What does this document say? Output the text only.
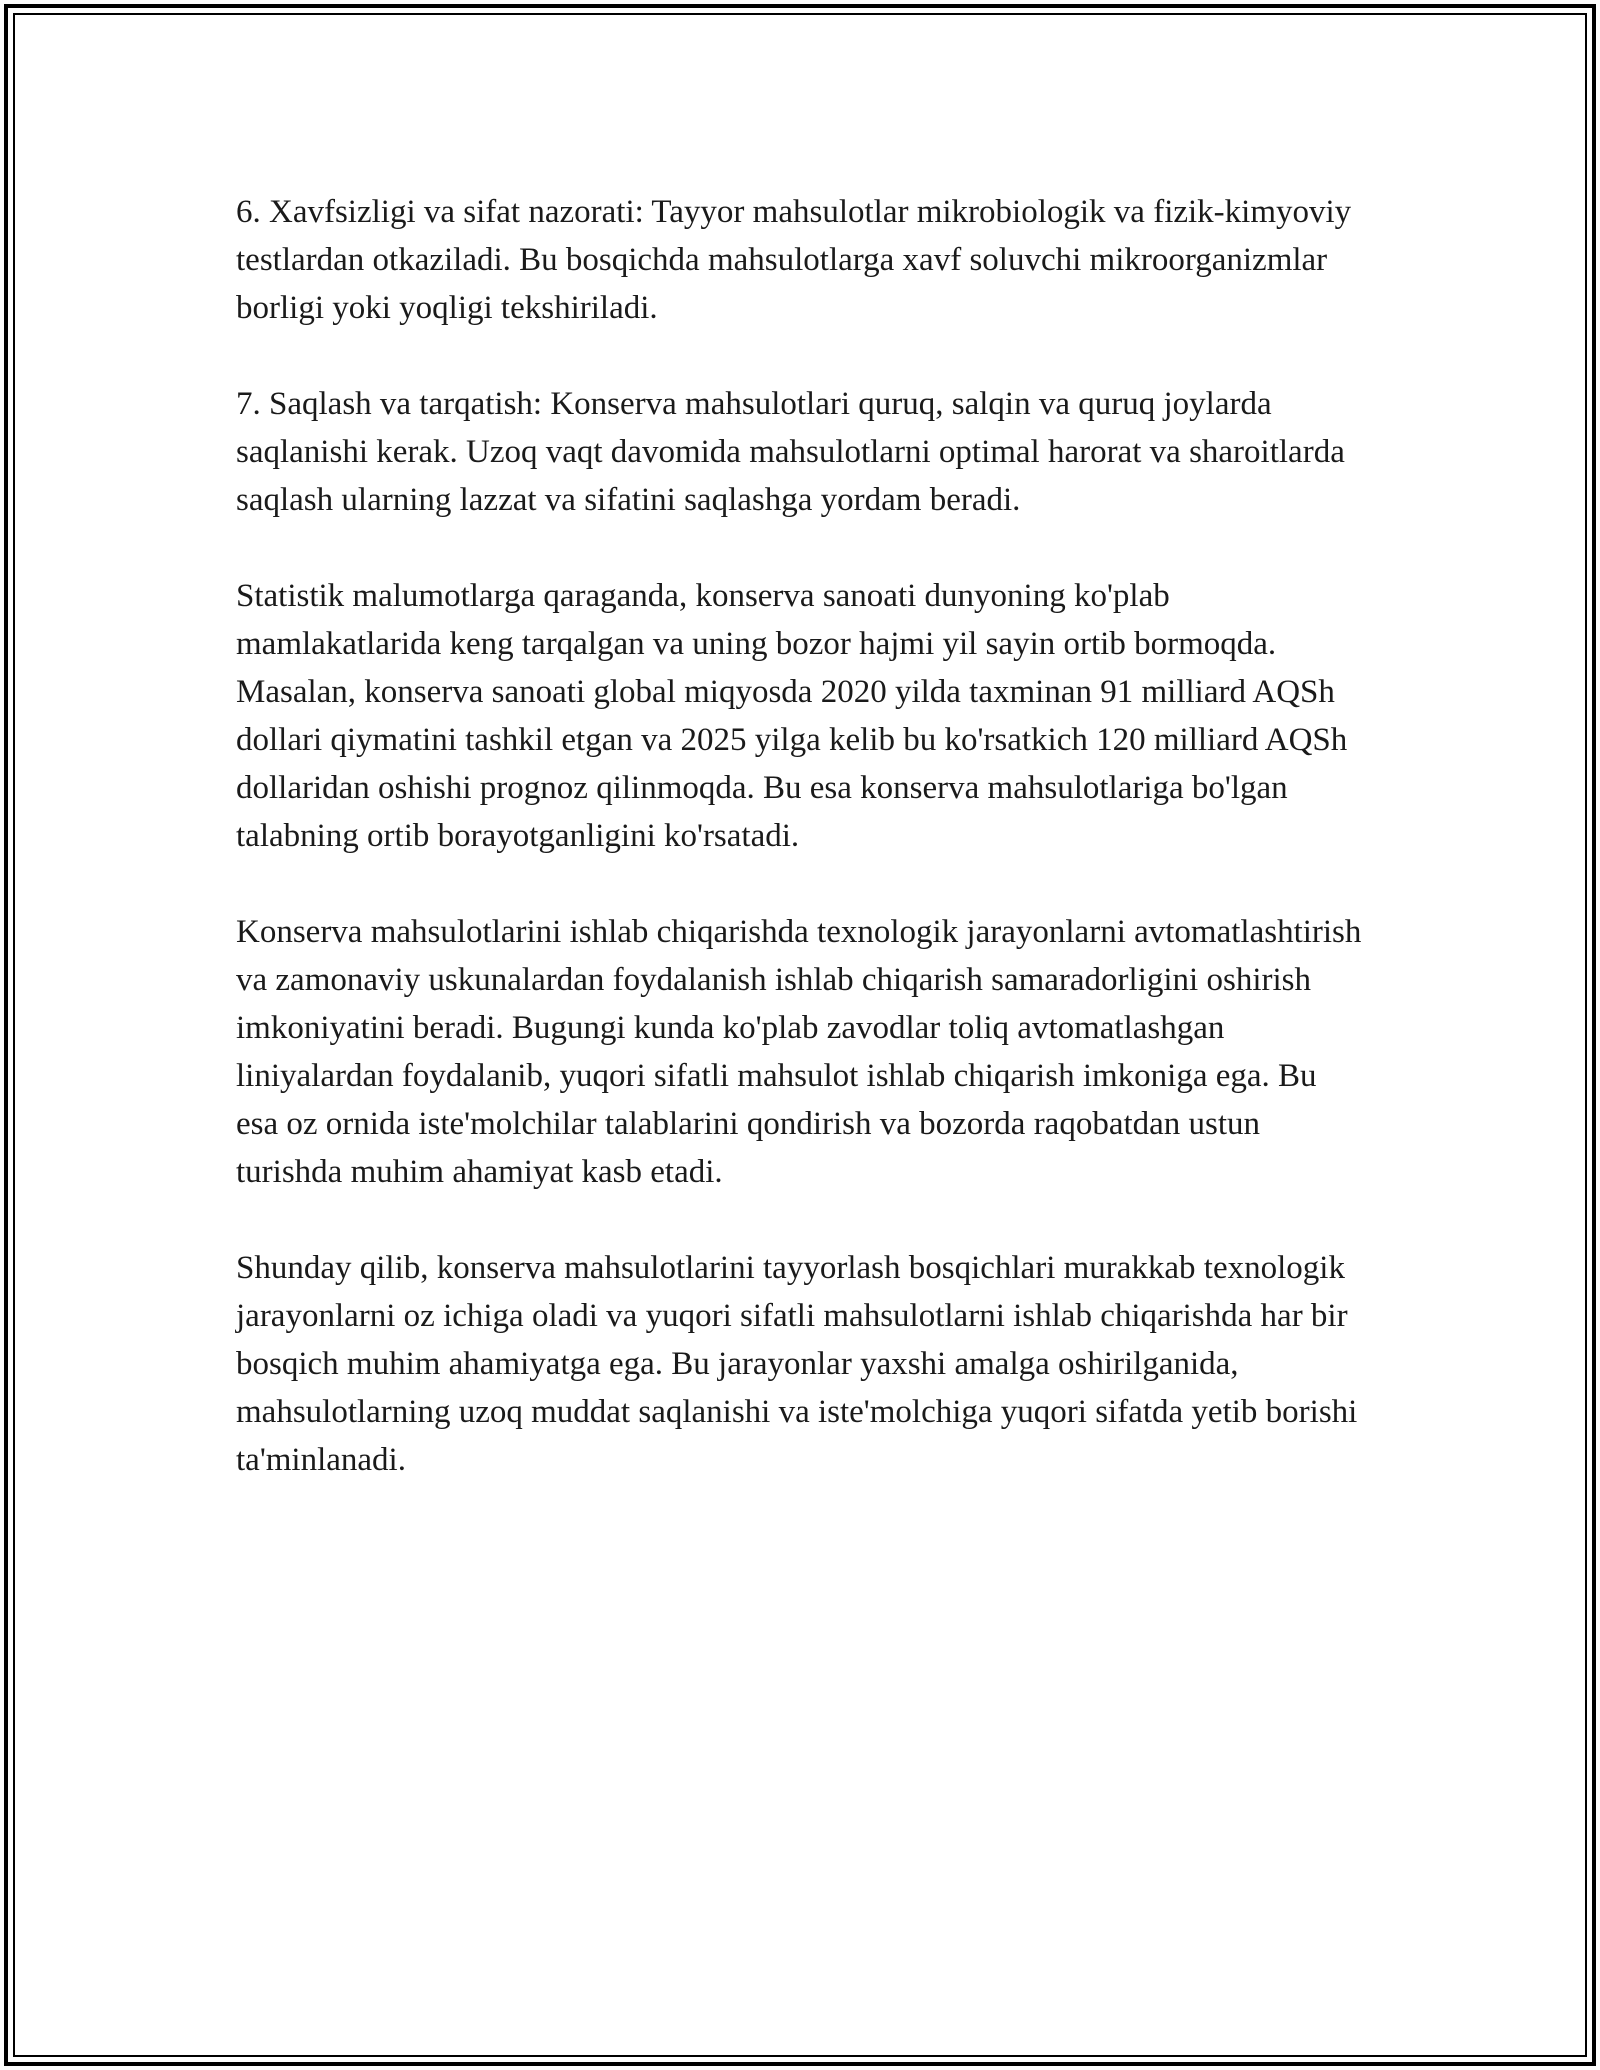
6. Xavfsizligi va sifat nazorati: Tayyor mahsulotlar mikrobiologik va fizik-kimyoviy testlardan otkaziladi. Bu bosqichda mahsulotlarga xavf soluvchi mikroorganizmlar borligi yoki yoqligi tekshiriladi.

7. Saqlash va tarqatish: Konserva mahsulotlari quruq, salqin va quruq joylarda saqlanishi kerak. Uzoq vaqt davomida mahsulotlarni optimal harorat va sharoitlarda saqlash ularning lazzat va sifatini saqlashga yordam beradi.

Statistik malumotlarga qaraganda, konserva sanoati dunyoning ko'plab mamlakatlarida keng tarqalgan va uning bozor hajmi yil sayin ortib bormoqda. Masalan, konserva sanoati global miqyosda 2020 yilda taxminan 91 milliard AQSh dollari qiymatini tashkil etgan va 2025 yilga kelib bu ko'rsatkich 120 milliard AQSh dollaridan oshishi prognoz qilinmoqda. Bu esa konserva mahsulotlariga bo'lgan talabning ortib borayotganligini ko'rsatadi.

Konserva mahsulotlarini ishlab chiqarishda texnologik jarayonlarni avtomatlashtirish va zamonaviy uskunalardan foydalanish ishlab chiqarish samaradorligini oshirish imkoniyatini beradi. Bugungi kunda ko'plab zavodlar toliq avtomatlashgan liniyalardan foydalanib, yuqori sifatli mahsulot ishlab chiqarish imkoniga ega. Bu esa oz ornida iste'molchilar talablarini qondirish va bozorda raqobatdan ustun turishda muhim ahamiyat kasb etadi.

Shunday qilib, konserva mahsulotlarini tayyorlash bosqichlari murakkab texnologik jarayonlarni oz ichiga oladi va yuqori sifatli mahsulotlarni ishlab chiqarishda har bir bosqich muhim ahamiyatga ega. Bu jarayonlar yaxshi amalga oshirilganida, mahsulotlarning uzoq muddat saqlanishi va iste'molchiga yuqori sifatda yetib borishi ta'minlanadi.
